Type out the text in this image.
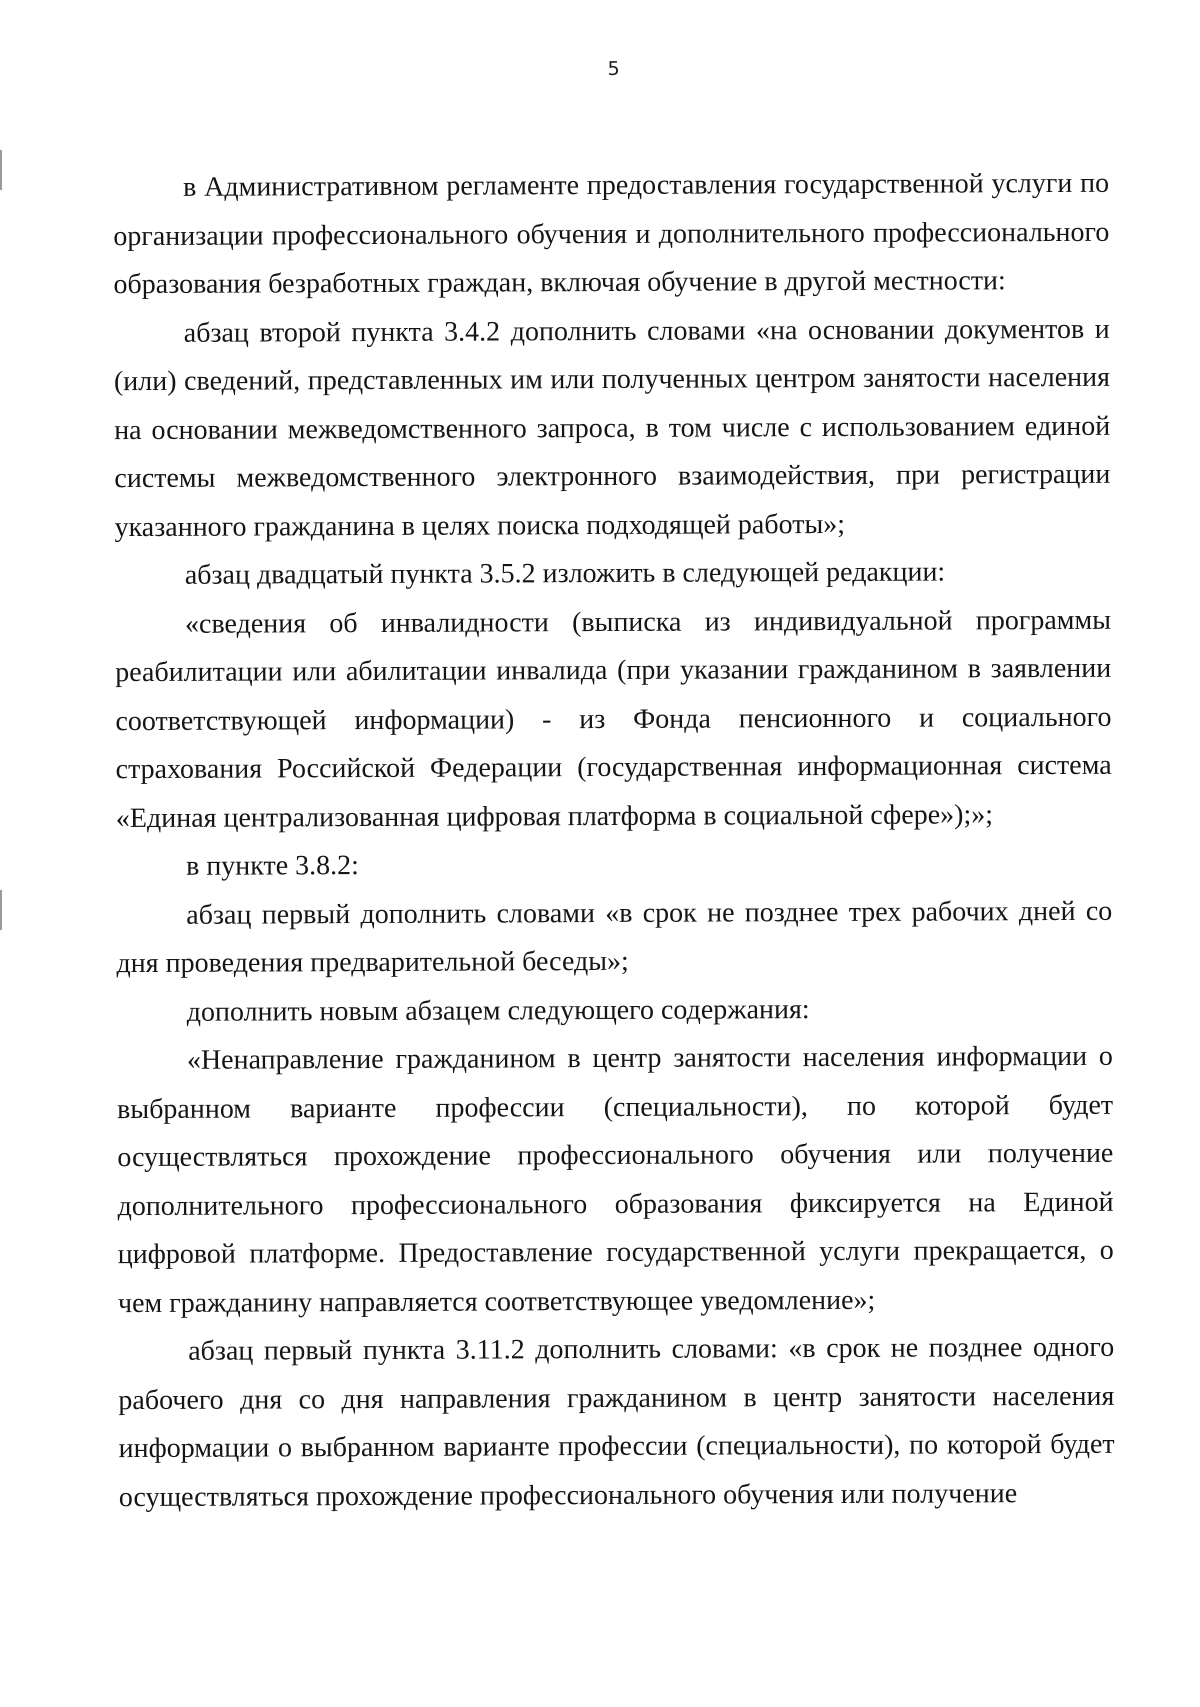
5

в Административном регламенте предоставления государственной услуги по организации профессионального обучения и дополнительного профессионального образования безработных граждан, включая обучение в другой местности:

абзац второй пункта 3.4.2 дополнить словами «на основании документов и (или) сведений, представленных им или полученных центром занятости населения на основании межведомственного запроса, в том числе с использованием единой системы межведомственного электронного взаимодействия, при регистрации указанного гражданина в целях поиска подходящей работы»;

абзац двадцатый пункта 3.5.2 изложить в следующей редакции:

«сведения об инвалидности (выписка из индивидуальной программы реабилитации или абилитации инвалида (при указании гражданином в заявлении соответствующей информации) - из Фонда пенсионного и социального страхования Российской Федерации (государственная информационная система «Единая централизованная цифровая платформа в социальной сфере»);»;

в пункте 3.8.2:

абзац первый дополнить словами «в срок не позднее трех рабочих дней со дня проведения предварительной беседы»;

дополнить новым абзацем следующего содержания:

«Ненаправление гражданином в центр занятости населения информации о выбранном варианте профессии (специальности), по которой будет осуществляться прохождение профессионального обучения или получение дополнительного профессионального образования фиксируется на Единой цифровой платформе. Предоставление государственной услуги прекращается, о чем гражданину направляется соответствующее уведомление»;

абзац первый пункта 3.11.2 дополнить словами: «в срок не позднее одного рабочего дня со дня направления гражданином в центр занятости населения информации о выбранном варианте профессии (специальности), по которой будет осуществляться прохождение профессионального обучения или получение
